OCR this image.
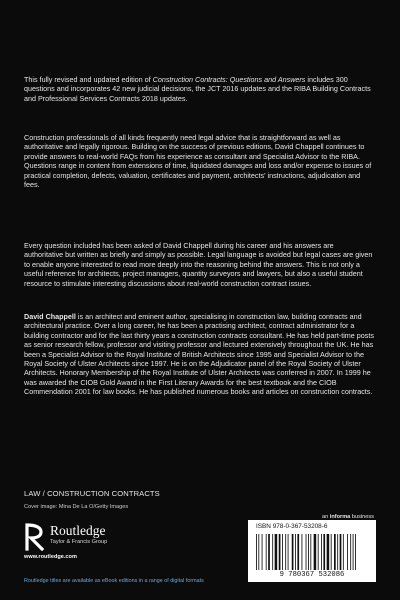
This fully revised and updated edition of Construction Contracts: Questions and Answers includes 300 questions and incorporates 42 new judicial decisions, the JCT 2016 updates and the RIBA Building Contracts and Professional Services Contracts 2018 updates.

Construction professionals of all kinds frequently need legal advice that is straightforward as well as authoritative and legally rigorous. Building on the success of previous editions, David Chappell continues to provide answers to real-world FAQs from his experience as consultant and Specialist Advisor to the RIBA. Questions range in content from extensions of time, liquidated damages and loss and/or expense to issues of practical completion, defects, valuation, certificates and payment, architects' instructions, adjudication and fees.

Every question included has been asked of David Chappell during his career and his answers are authoritative but written as briefly and simply as possible. Legal language is avoided but legal cases are given to enable anyone interested to read more deeply into the reasoning behind the answers. This is not only a useful reference for architects, project managers, quantity surveyors and lawyers, but also a useful student resource to stimulate interesting discussions about real-world construction contract issues.

David Chappell is an architect and eminent author, specialising in construction law, building contracts and architectural practice. Over a long career, he has been a practising architect, contract administrator for a building contractor and for the last thirty years a construction contracts consultant. He has held part-time posts as senior research fellow, professor and visiting professor and lectured extensively throughout the UK. He has been a Specialist Advisor to the Royal Institute of British Architects since 1995 and Specialist Advisor to the Royal Society of Ulster Architects since 1997. He is on the Adjudicator panel of the Royal Society of Ulster Architects. Honorary Membership of the Royal Institute of Ulster Architects was conferred in 2007. In 1999 he was awarded the CIOB Gold Award in the First Literary Awards for the best textbook and the CIOB Commendation 2001 for law books. He has published numerous books and articles on construction contracts.

LAW / CONSTRUCTION CONTRACTS
Cover image: Mina De La O/Getty Images
Routledge
Taylor & Francis Group
www.routledge.com
Routledge titles are available as eBook editions in a range of digital formats
an informa business
ISBN 978-0-367-53208-6
9 780367 532086
